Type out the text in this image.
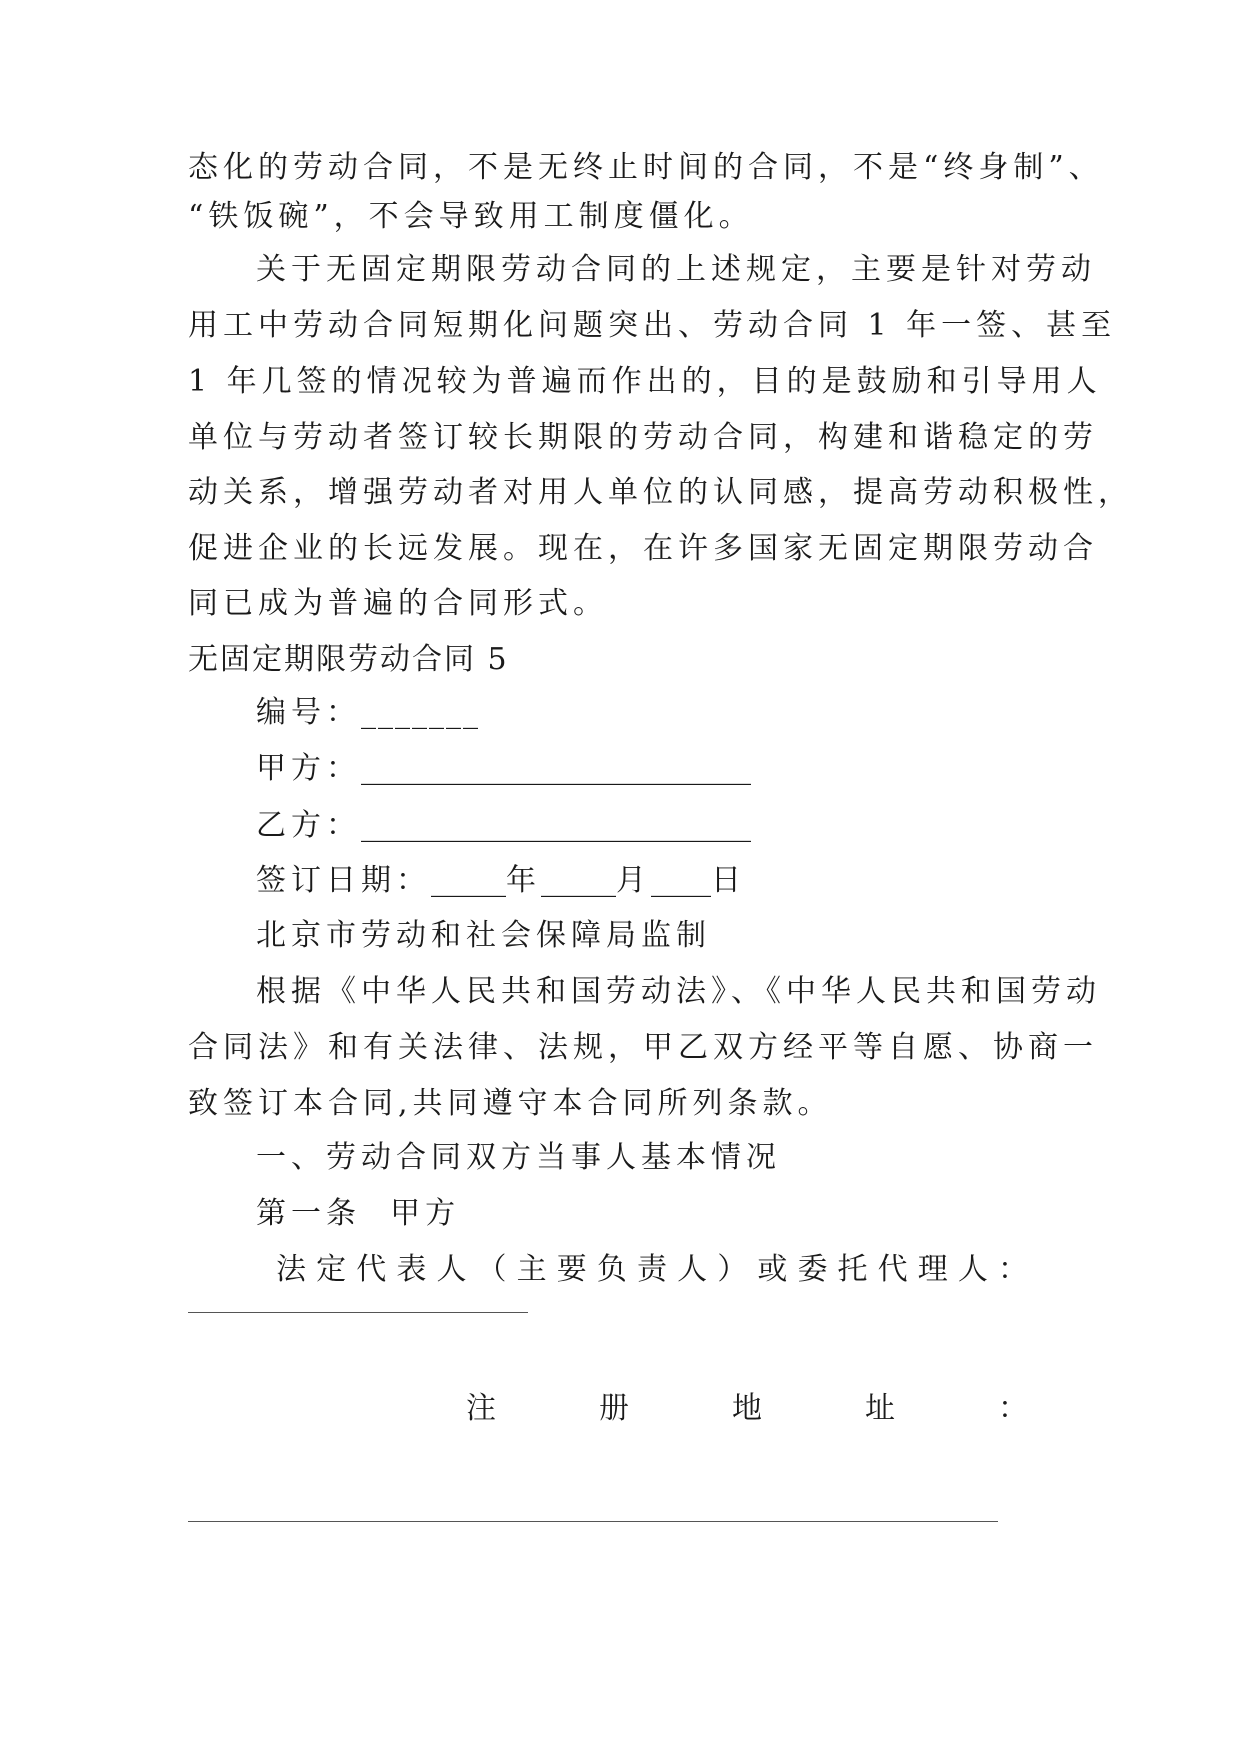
态化的劳动合同，不是无终止时间的合同，不是“终身制”、
“铁饭碗”，不会导致用工制度僵化。
关于无固定期限劳动合同的上述规定，主要是针对劳动
用工中劳动合同短期化问题突出、劳动合同 1 年一签、甚至
1 年几签的情况较为普遍而作出的，目的是鼓励和引导用人
单位与劳动者签订较长期限的劳动合同，构建和谐稳定的劳
动关系，增强劳动者对用人单位的认同感，提高劳动积极性，
促进企业的长远发展。现在，在许多国家无固定期限劳动合
同已成为普遍的合同形式。
无固定期限劳动合同 5
编号：_______
甲方：__________________________
乙方：__________________________
签订日期：_____年_____月____日
北京市劳动和社会保障局监制
根据《中华人民共和国劳动法》、《中华人民共和国劳动
合同法》和有关法律、法规，甲乙双方经平等自愿、协商一
致签订本合同,共同遵守本合同所列条款。
一、劳动合同双方当事人基本情况
第一条  甲方
法定代表人（主要负责人）或委托代理人：
注册地址：
